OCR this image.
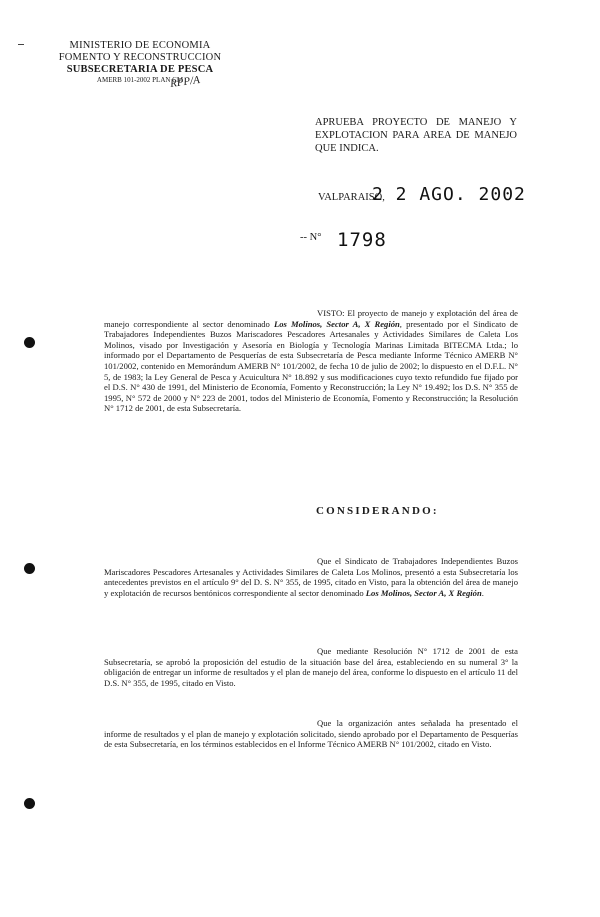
MINISTERIO DE ECONOMIA
FOMENTO Y RECONSTRUCCION
SUBSECRETARIA DE PESCA
AMERB 101-2002 PLAN CM
RPP/A
APRUEBA PROYECTO DE MANEJO Y EXPLOTACION PARA AREA DE MANEJO QUE INDICA.
VALPARAISO,
2 2 AGO. 2002
-- N° 1798
VISTO: El proyecto de manejo y explotación del área de manejo correspondiente al sector denominado Los Molinos, Sector A, X Región, presentado por el Sindicato de Trabajadores Independientes Buzos Mariscadores Pescadores Artesanales y Actividades Similares de Caleta Los Molinos, visado por Investigación y Asesoría en Biología y Tecnología Marinas Limitada BITECMA Ltda.; lo informado por el Departamento de Pesquerías de esta Subsecretaría de Pesca mediante Informe Técnico AMERB N° 101/2002, contenido en Memorándum AMERB N° 101/2002, de fecha 10 de julio de 2002; lo dispuesto en el D.F.L. N° 5, de 1983; la Ley General de Pesca y Acuicultura N° 18.892 y sus modificaciones cuyo texto refundido fue fijado por el D.S. N° 430 de 1991, del Ministerio de Economía, Fomento y Reconstrucción; la Ley N° 19.492; los D.S. N° 355 de 1995, N° 572 de 2000 y N° 223 de 2001, todos del Ministerio de Economía, Fomento y Reconstrucción; la Resolución N° 1712 de 2001, de esta Subsecretaría.
CONSIDERANDO:
Que el Sindicato de Trabajadores Independientes Buzos Mariscadores Pescadores Artesanales y Actividades Similares de Caleta Los Molinos, presentó a esta Subsecretaría los antecedentes previstos en el artículo 9° del D. S. N° 355, de 1995, citado en Visto, para la obtención del área de manejo y explotación de recursos bentónicos correspondiente al sector denominado Los Molinos, Sector A, X Región.
Que mediante Resolución N° 1712 de 2001 de esta Subsecretaría, se aprobó la proposición del estudio de la situación base del área, estableciendo en su numeral 3° la obligación de entregar un informe de resultados y el plan de manejo del área, conforme lo dispuesto en el artículo 11 del D.S. N° 355, de 1995, citado en Visto.
Que la organización antes señalada ha presentado el informe de resultados y el plan de manejo y explotación solicitado, siendo aprobado por el Departamento de Pesquerías de esta Subsecretaría, en los términos establecidos en el Informe Técnico AMERB N° 101/2002, citado en Visto.
